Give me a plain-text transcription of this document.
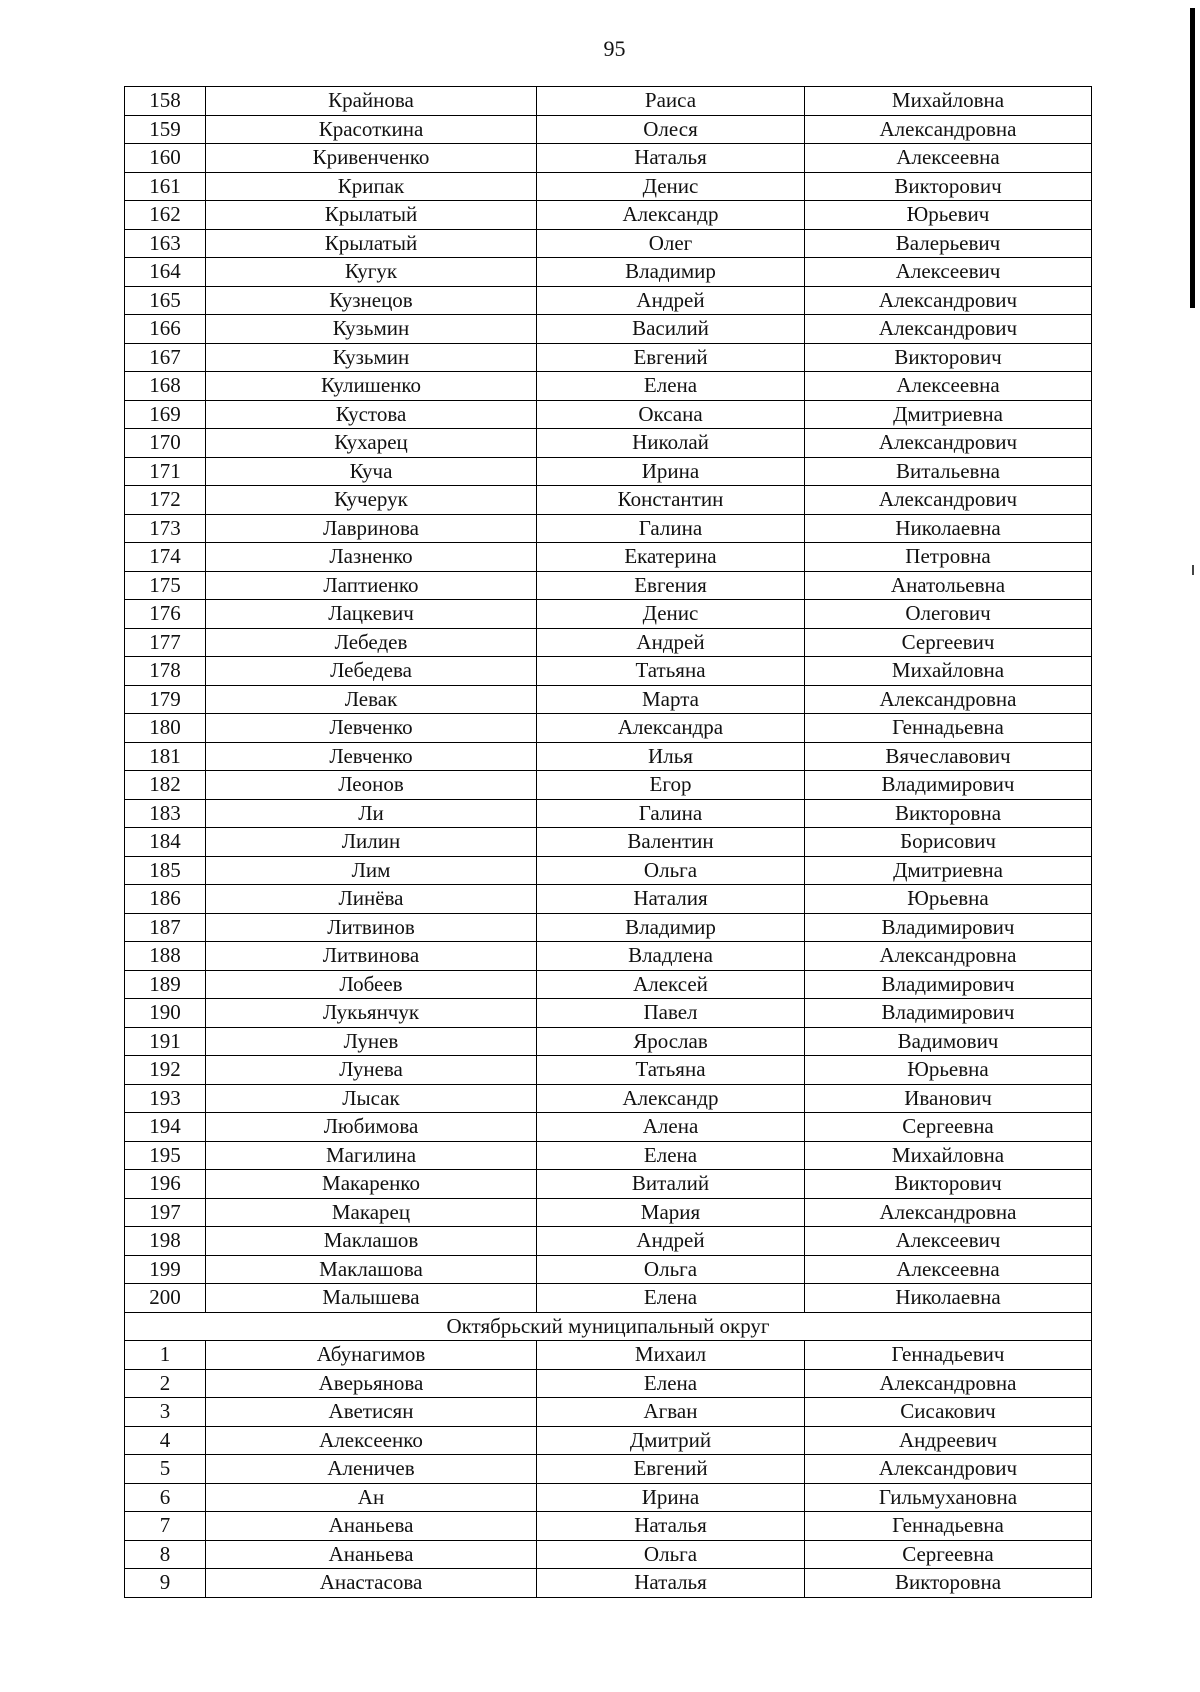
95
158	Крайнова	Раиса	Михайловна
159	Красоткина	Олеся	Александровна
160	Кривенченко	Наталья	Алексеевна
161	Крипак	Денис	Викторович
162	Крылатый	Александр	Юрьевич
163	Крылатый	Олег	Валерьевич
164	Кугук	Владимир	Алексеевич
165	Кузнецов	Андрей	Александрович
166	Кузьмин	Василий	Александрович
167	Кузьмин	Евгений	Викторович
168	Кулишенко	Елена	Алексеевна
169	Кустова	Оксана	Дмитриевна
170	Кухарец	Николай	Александрович
171	Куча	Ирина	Витальевна
172	Кучерук	Константин	Александрович
173	Лавринова	Галина	Николаевна
174	Лазненко	Екатерина	Петровна
175	Лаптиенко	Евгения	Анатольевна
176	Лацкевич	Денис	Олегович
177	Лебедев	Андрей	Сергеевич
178	Лебедева	Татьяна	Михайловна
179	Левак	Марта	Александровна
180	Левченко	Александра	Геннадьевна
181	Левченко	Илья	Вячеславович
182	Леонов	Егор	Владимирович
183	Ли	Галина	Викторовна
184	Лилин	Валентин	Борисович
185	Лим	Ольга	Дмитриевна
186	Линёва	Наталия	Юрьевна
187	Литвинов	Владимир	Владимирович
188	Литвинова	Владлена	Александровна
189	Лобеев	Алексей	Владимирович
190	Лукьянчук	Павел	Владимирович
191	Лунев	Ярослав	Вадимович
192	Лунева	Татьяна	Юрьевна
193	Лысак	Александр	Иванович
194	Любимова	Алена	Сергеевна
195	Магилина	Елена	Михайловна
196	Макаренко	Виталий	Викторович
197	Макарец	Мария	Александровна
198	Маклашов	Андрей	Алексеевич
199	Маклашова	Ольга	Алексеевна
200	Малышева	Елена	Николаевна
Октябрьский муниципальный округ			
1	Абунагимов	Михаил	Геннадьевич
2	Аверьянова	Елена	Александровна
3	Аветисян	Агван	Сисакович
4	Алексеенко	Дмитрий	Андреевич
5	Аленичев	Евгений	Александрович
6	Ан	Ирина	Гильмухановна
7	Ананьева	Наталья	Геннадьевна
8	Ананьева	Ольга	Сергеевна
9	Анастасова	Наталья	Викторовна
